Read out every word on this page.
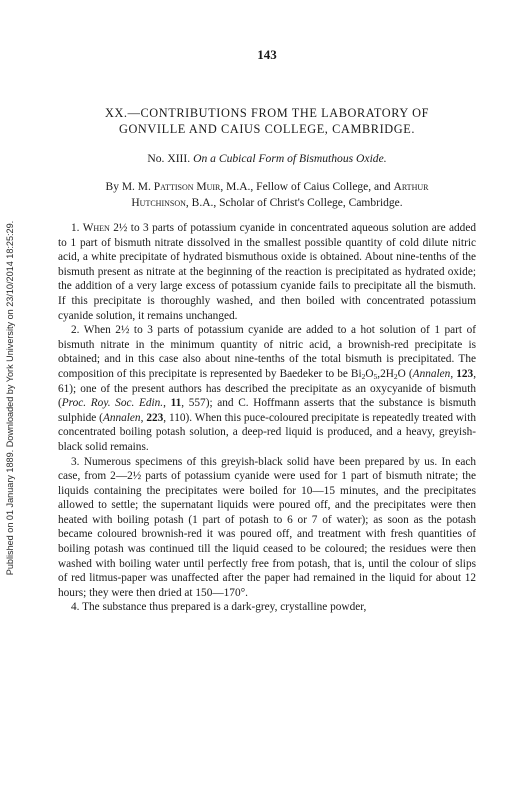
Published on 01 January 1889. Downloaded by York University on 23/10/2014 18:25:29.
143
XX.—CONTRIBUTIONS FROM THE LABORATORY OF
GONVILLE AND CAIUS COLLEGE, CAMBRIDGE.
No. XIII. On a Cubical Form of Bismuthous Oxide.
By M. M. Pattison Muir, M.A., Fellow of Caius College, and Arthur
Hutchinson, B.A., Scholar of Christ's College, Cambridge.

1. When 2½ to 3 parts of potassium cyanide in concentrated aqueous solution are added to 1 part of bismuth nitrate dissolved in the smallest possible quantity of cold dilute nitric acid, a white precipitate of hydrated bismuthous oxide is obtained. About nine-tenths of the bismuth present as nitrate at the beginning of the reaction is precipitated as hydrated oxide; the addition of a very large excess of potassium cyanide fails to precipitate all the bismuth. If this precipitate is thoroughly washed, and then boiled with concentrated potassium cyanide solution, it remains unchanged.

2. When 2½ to 3 parts of potassium cyanide are added to a hot solution of 1 part of bismuth nitrate in the minimum quantity of nitric acid, a brownish-red precipitate is obtained; and in this case also about nine-tenths of the total bismuth is precipitated. The composition of this precipitate is represented by Baedeker to be $Bi_2O_5,2H_2O$ (Annalen, 123, 61); one of the present authors has described the precipitate as an oxycyanide of bismuth (Proc. Roy. Soc. Edin., 11, 557); and C. Hoffmann asserts that the substance is bismuth sulphide (Annalen, 223, 110). When this puce-coloured precipitate is repeatedly treated with concentrated boiling potash solution, a deep-red liquid is produced, and a heavy, greyish-black solid remains.

3. Numerous specimens of this greyish-black solid have been prepared by us. In each case, from 2—2½ parts of potassium cyanide were used for 1 part of bismuth nitrate; the liquids containing the precipitates were boiled for 10—15 minutes, and the precipitates allowed to settle; the supernatant liquids were poured off, and the precipitates were then heated with boiling potash (1 part of potash to 6 or 7 of water); as soon as the potash became coloured brownish-red it was poured off, and treatment with fresh quantities of boiling potash was continued till the liquid ceased to be coloured; the residues were then washed with boiling water until perfectly free from potash, that is, until the colour of slips of red litmus-paper was unaffected after the paper had remained in the liquid for about 12 hours; they were then dried at 150—170°.

4. The substance thus prepared is a dark-grey, crystalline powder,
